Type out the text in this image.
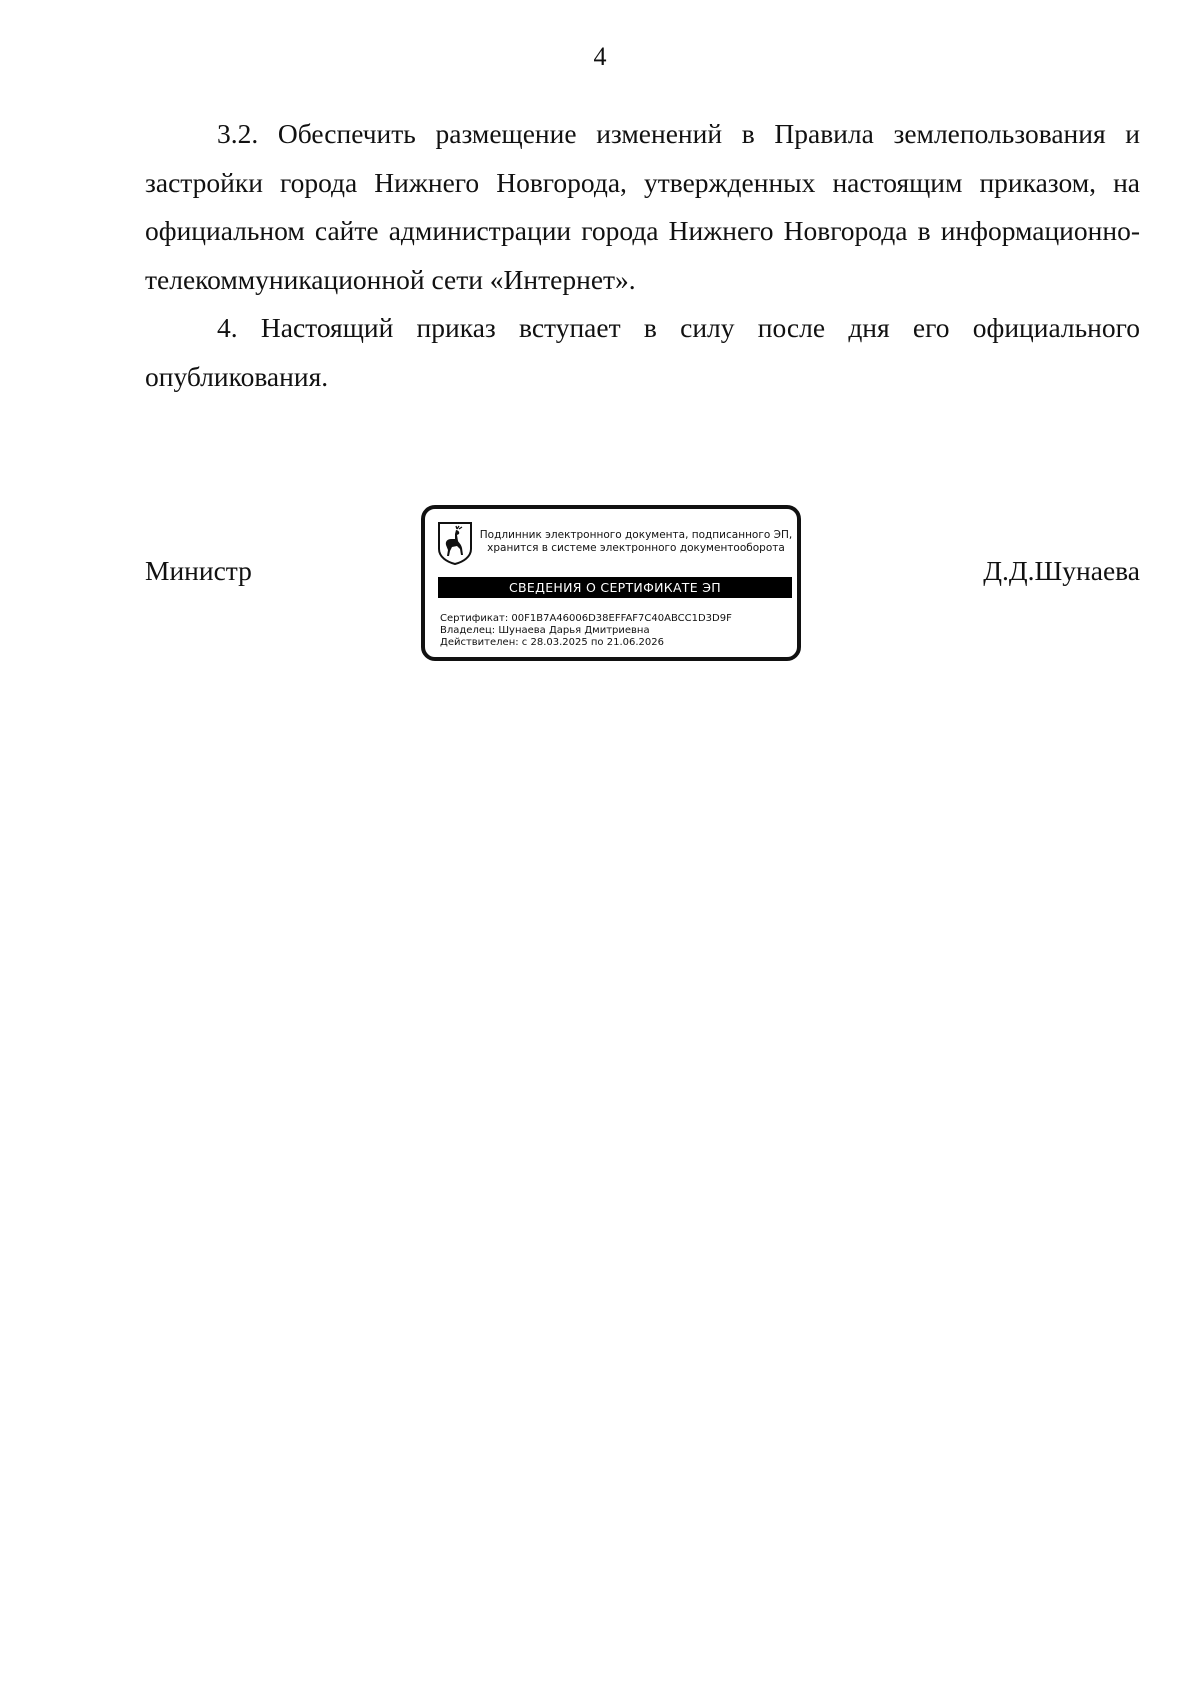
4

3.2. Обеспечить размещение изменений в Правила землепользования и застройки города Нижнего Новгорода, утвержденных настоящим приказом, на официальном сайте администрации города Нижнего Новгорода в информационно-телекоммуникационной сети «Интернет».

4. Настоящий приказ вступает в силу после дня его официального опубликования.

Министр
Подлинник электронного документа, подписанного ЭП,
хранится в системе электронного документооборота
СВЕДЕНИЯ О СЕРТИФИКАТЕ ЭП
Сертификат: 00F1B7A46006D38EFFAF7C40ABCC1D3D9F
Владелец: Шунаева Дарья Дмитриевна
Действителен: с 28.03.2025 по 21.06.2026
Д.Д.Шунаева
